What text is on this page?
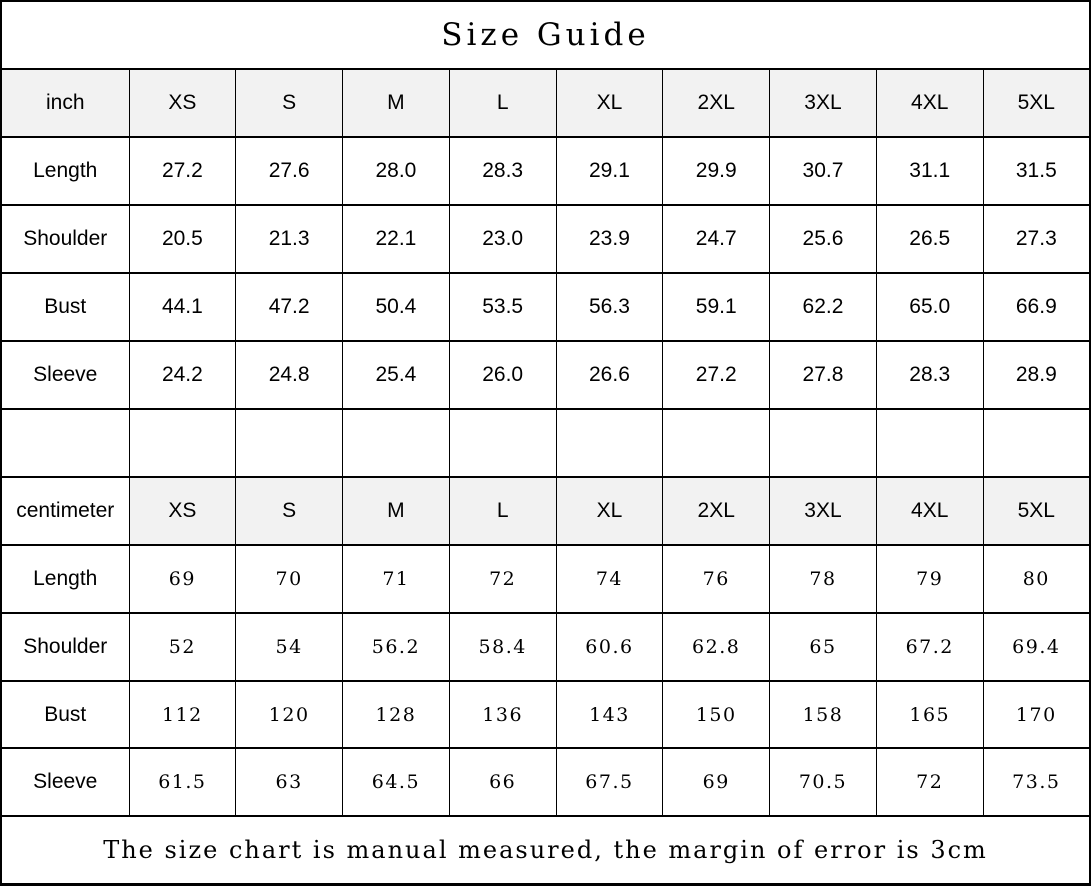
Size Guide									
inch	XS	S	M	L	XL	2XL	3XL	4XL	5XL
Length	27.2	27.6	28.0	28.3	29.1	29.9	30.7	31.1	31.5
Shoulder	20.5	21.3	22.1	23.0	23.9	24.7	25.6	26.5	27.3
Bust	44.1	47.2	50.4	53.5	56.3	59.1	62.2	65.0	66.9
Sleeve	24.2	24.8	25.4	26.0	26.6	27.2	27.8	28.3	28.9

centimeter	XS	S	M	L	XL	2XL	3XL	4XL	5XL
Length	69	70	71	72	74	76	78	79	80
Shoulder	52	54	56.2	58.4	60.6	62.8	65	67.2	69.4
Bust	112	120	128	136	143	150	158	165	170
Sleeve	61.5	63	64.5	66	67.5	69	70.5	72	73.5
The size chart is manual measured, the margin of error is 3cm									
